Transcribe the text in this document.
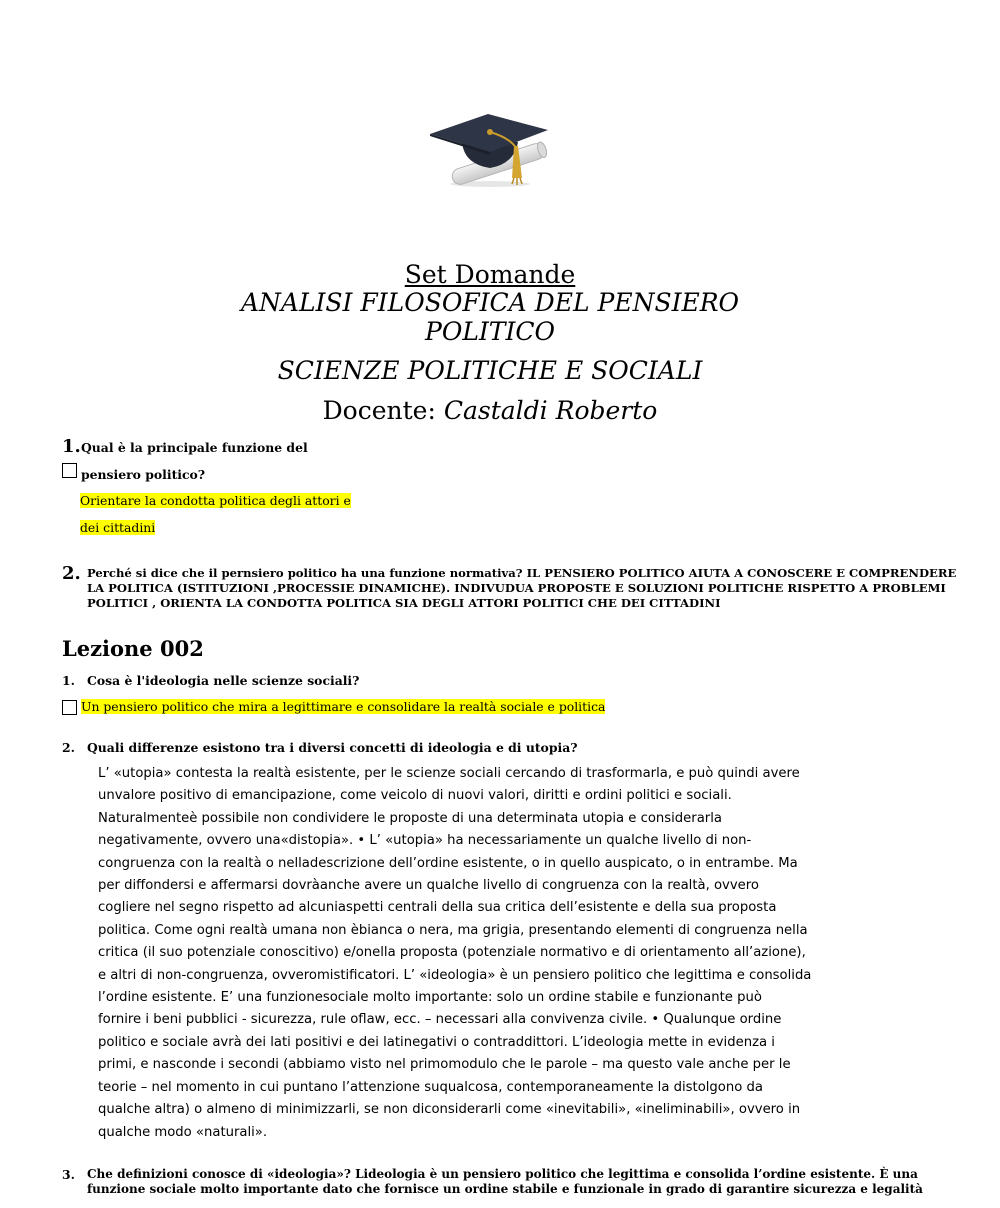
Set Domande
ANALISI FILOSOFICA DEL PENSIERO
POLITICO
SCIENZE POLITICHE E SOCIALI
Docente: Castaldi Roberto
1. Qual è la principale funzione del
pensiero politico?
Orientare la condotta politica degli attori e
dei cittadini
2. Perché si dice che il pernsiero politico ha una funzione normativa? IL PENSIERO POLITICO AIUTA A CONOSCERE E COMPRENDERE LA POLITICA (ISTITUZIONI ,PROCESSIE DINAMICHE). INDIVUDUA PROPOSTE E SOLUZIONI POLITICHE RISPETTO A PROBLEMI POLITICI , ORIENTA LA CONDOTTA POLITICA SIA DEGLI ATTORI POLITICI CHE DEI CITTADINI
Lezione 002
1. Cosa è l'ideologia nelle scienze sociali?
Un pensiero politico che mira a legittimare e consolidare la realtà sociale e politica
2. Quali differenze esistono tra i diversi concetti di ideologia e di utopia?
L’ «utopia» contesta la realtà esistente, per le scienze sociali cercando di trasformarla, e può quindi avere
unvalore positivo di emancipazione, come veicolo di nuovi valori, diritti e ordini politici e sociali.
Naturalmenteè possibile non condividere le proposte di una determinata utopia e considerarla
negativamente, ovvero una«distopia». • L’ «utopia» ha necessariamente un qualche livello di non-
congruenza con la realtà o nelladescrizione dell’ordine esistente, o in quello auspicato, o in entrambe. Ma
per diffondersi e affermarsi dovràanche avere un qualche livello di congruenza con la realtà, ovvero
cogliere nel segno rispetto ad alcuniaspetti centrali della sua critica dell’esistente e della sua proposta
politica. Come ogni realtà umana non èbianca o nera, ma grigia, presentando elementi di congruenza nella
critica (il suo potenziale conoscitivo) e/onella proposta (potenziale normativo e di orientamento all’azione),
e altri di non-congruenza, ovveromistificatori. L’ «ideologia» è un pensiero politico che legittima e consolida
l’ordine esistente. E’ una funzionesociale molto importante: solo un ordine stabile e funzionante può
fornire i beni pubblici - sicurezza, rule oflaw, ecc. – necessari alla convivenza civile. • Qualunque ordine
politico e sociale avrà dei lati positivi e dei latinegativi o contraddittori. L’ideologia mette in evidenza i
primi, e nasconde i secondi (abbiamo visto nel primomodulo che le parole – ma questo vale anche per le
teorie – nel momento in cui puntano l’attenzione suqualcosa, contemporaneamente la distolgono da
qualche altra) o almeno di minimizzarli, se non diconsiderarli come «inevitabili», «ineliminabili», ovvero in
qualche modo «naturali».
3. Che definizioni conosce di «ideologia»? Lideologia è un pensiero politico che legittima e consolida l’ordine esistente. È una
funzione sociale molto importante dato che fornisce un ordine stabile e funzionale in grado di garantire sicurezza e legalità
